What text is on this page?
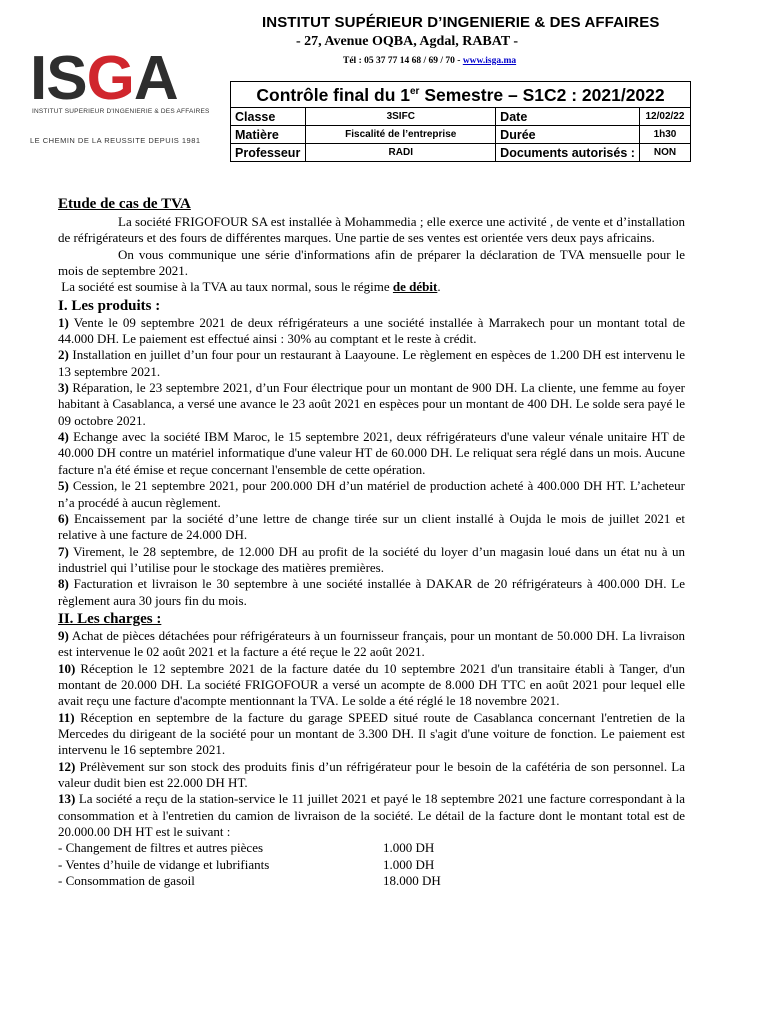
INSTITUT SUPÉRIEUR D’INGENIERIE & DES AFFAIRES
- 27, Avenue OQBA, Agdal, RABAT -
Tél : 05 37 77 14 68 / 69 / 70 - www.isga.ma
ISGA
INSTITUT SUPERIEUR D'INGENIERIE & DES AFFAIRES
LE CHEMIN DE LA REUSSITE DEPUIS 1981
Contrôle final du 1er Semestre – S1C2 : 2021/2022
Classe	3SIFC	Date	12/02/22
Matière	Fiscalité de l’entreprise	Durée	1h30
Professeur	RADI	Documents autorisés :	NON

Etude de cas de TVA

La société FRIGOFOUR SA est installée à Mohammedia ; elle exerce une activité , de vente et d’installation de réfrigérateurs et des fours de différentes marques. Une partie de ses ventes est orientée vers deux pays africains.

On vous communique une série d'informations afin de préparer la déclaration de TVA mensuelle pour le mois de septembre 2021.

La société est soumise à la TVA au taux normal, sous le régime de débit.

I. Les produits :

1) Vente le 09 septembre 2021 de deux réfrigérateurs a une société installée à Marrakech pour un montant total de 44.000 DH. Le paiement est effectué ainsi : 30% au comptant et le reste à crédit.

2) Installation en juillet d’un four pour un restaurant à Laayoune. Le règlement en espèces de 1.200 DH est intervenu le 13 septembre 2021.

3) Réparation, le 23 septembre 2021, d’un Four électrique pour un montant de 900 DH. La cliente, une femme au foyer habitant à Casablanca, a versé une avance le 23 août 2021 en espèces pour un montant de 400 DH. Le solde sera payé le 09 octobre 2021.

4) Echange avec la société IBM Maroc, le 15 septembre 2021, deux réfrigérateurs d'une valeur vénale unitaire HT de 40.000 DH contre un matériel informatique d'une valeur HT de 60.000 DH. Le reliquat sera réglé dans un mois. Aucune facture n'a été émise et reçue concernant l'ensemble de cette opération.

5) Cession, le 21 septembre 2021, pour 200.000 DH d’un matériel de production acheté à 400.000 DH HT. L’acheteur n’a procédé à aucun règlement.

6) Encaissement par la société d’une lettre de change tirée sur un client installé à Oujda le mois de juillet 2021 et relative à une facture de 24.000 DH.

7) Virement, le 28 septembre, de 12.000 DH au profit de la société du loyer d’un magasin loué dans un état nu à un industriel qui l’utilise pour le stockage des matières premières.

8) Facturation et livraison le 30 septembre à une société installée à DAKAR de 20 réfrigérateurs à 400.000 DH. Le règlement aura 30 jours fin du mois.

II. Les charges :

9) Achat de pièces détachées pour réfrigérateurs à un fournisseur français, pour un montant de 50.000 DH. La livraison est intervenue le 02 août 2021 et la facture a été reçue le 22 août 2021.

10) Réception le 12 septembre 2021 de la facture datée du 10 septembre 2021 d'un transitaire établi à Tanger, d'un montant de 20.000 DH. La société FRIGOFOUR a versé un acompte de 8.000 DH TTC en août 2021 pour lequel elle avait reçu une facture d'acompte mentionnant la TVA. Le solde a été réglé le 18 novembre 2021.

11) Réception en septembre de la facture du garage SPEED situé route de Casablanca concernant l'entretien de la Mercedes du dirigeant de la société pour un montant de 3.300 DH. Il s'agit d'une voiture de fonction. Le paiement est intervenu le 16 septembre 2021.

12) Prélèvement sur son stock des produits finis d’un réfrigérateur pour le besoin de la cafétéria de son personnel. La valeur dudit bien est 22.000 DH HT.

13) La société a reçu de la station-service le 11 juillet 2021 et payé le 18 septembre 2021 une facture correspondant à la consommation et à l'entretien du camion de livraison de la société. Le détail de la facture dont le montant total est de 20.000.00 DH HT est le suivant :

- Changement de filtres et autres pièces	1.000 DH
- Ventes d’huile de vidange et lubrifiants	1.000 DH
- Consommation de gasoil	18.000 DH
